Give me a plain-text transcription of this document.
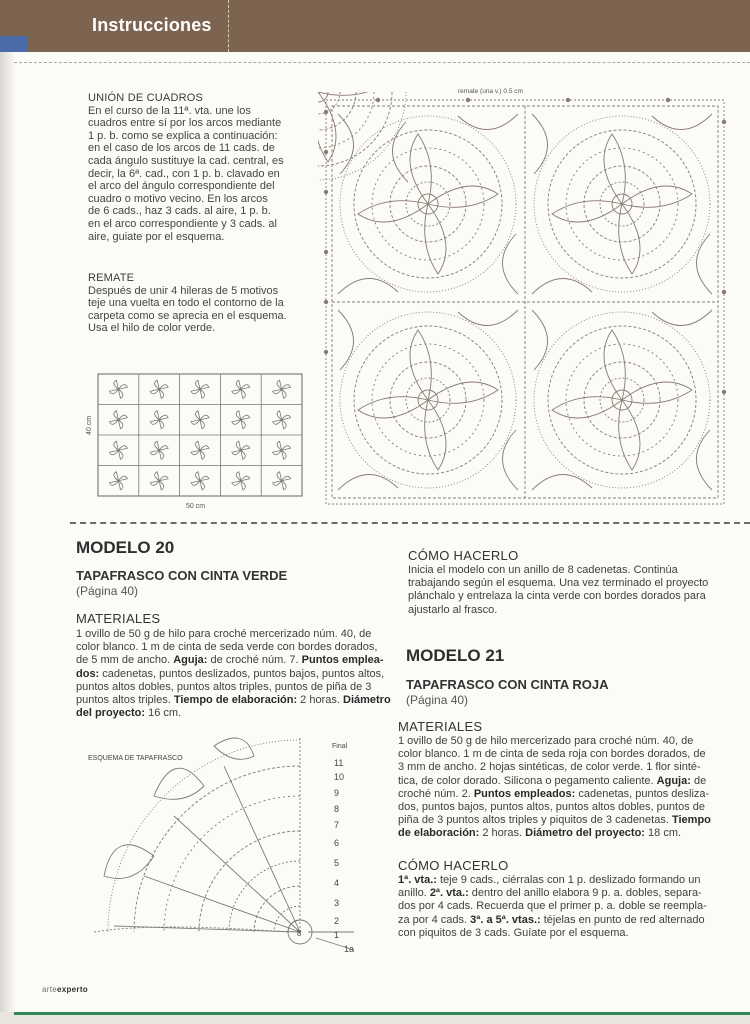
Instrucciones
UNIÓN DE CUADROS
En el curso de la 11ª. vta. une los
cuadros entre sí por los arcos mediante
1 p. b. como se explica a continuación:
en el caso de los arcos de 11 cads. de
cada ángulo sustituye la cad. central, es
decir, la 6ª. cad., con 1 p. b. clavado en
el arco del ángulo correspondiente del
cuadro o motivo vecino. En los arcos
de 6 cads., haz 3 cads. al aire, 1 p. b.
en el arco correspondiente y 3 cads. al
aire, guiate por el esquema.
REMATE
Después de unir 4 hileras de 5 motivos
teje una vuelta en todo el contorno de la
carpeta como se aprecia en el esquema.
Usa el hilo de color verde.
remate (una v.) 0.5 cm
40 cm
50 cm
MODELO 20
TAPAFRASCO CON CINTA VERDE
(Página 40)
MATERIALES
1 ovillo de 50 g de hilo para croché mercerizado núm. 40, de
color blanco. 1 m de cinta de seda verde con bordes dorados,
de 5 mm de ancho. Aguja: de croché núm. 7. Puntos emplea-
dos: cadenetas, puntos deslizados, puntos bajos, puntos altos,
puntos altos dobles, puntos altos triples, puntos de piña de 3
puntos altos triples. Tiempo de elaboración: 2 horas. Diámetro
del proyecto: 16 cm.
CÓMO HACERLO
Inicia el modelo con un anillo de 8 cadenetas. Continúa
trabajando según el esquema. Una vez terminado el proyecto
plánchalo y entrelaza la cinta verde con bordes dorados para
ajustarlo al frasco.
MODELO 21
TAPAFRASCO CON CINTA ROJA
(Página 40)
MATERIALES
1 ovillo de 50 g de hilo mercerizado para croché núm. 40, de
color blanco. 1 m de cinta de seda roja con bordes dorados, de
3 mm de ancho. 2 hojas sintéticas, de color verde. 1 flor sinté-
tica, de color dorado. Silicona o pegamento caliente. Aguja: de
croché núm. 2. Puntos empleados: cadenetas, puntos desliza-
dos, puntos bajos, puntos altos, puntos altos dobles, puntos de
piña de 3 puntos altos triples y piquitos de 3 cadenetas. Tiempo
de elaboración: 2 horas. Diámetro del proyecto: 18 cm.
CÓMO HACERLO
1ª. vta.: teje 9 cads., ciérralas con 1 p. deslizado formando un
anillo. 2ª. vta.: dentro del anillo elabora 9 p. a. dobles, separa-
dos por 4 cads. Recuerda que el primer p. a. doble se reempla-
za por 4 cads. 3ª. a 5ª. vtas.: téjelas en punto de red alternado
con piquitos de 3 cads. Guíate por el esquema.
ESQUEMA DE TAPAFRASCO
Final
8
11
10
9
8
7
6
5
4
3
2
1
1a
arteexperto
